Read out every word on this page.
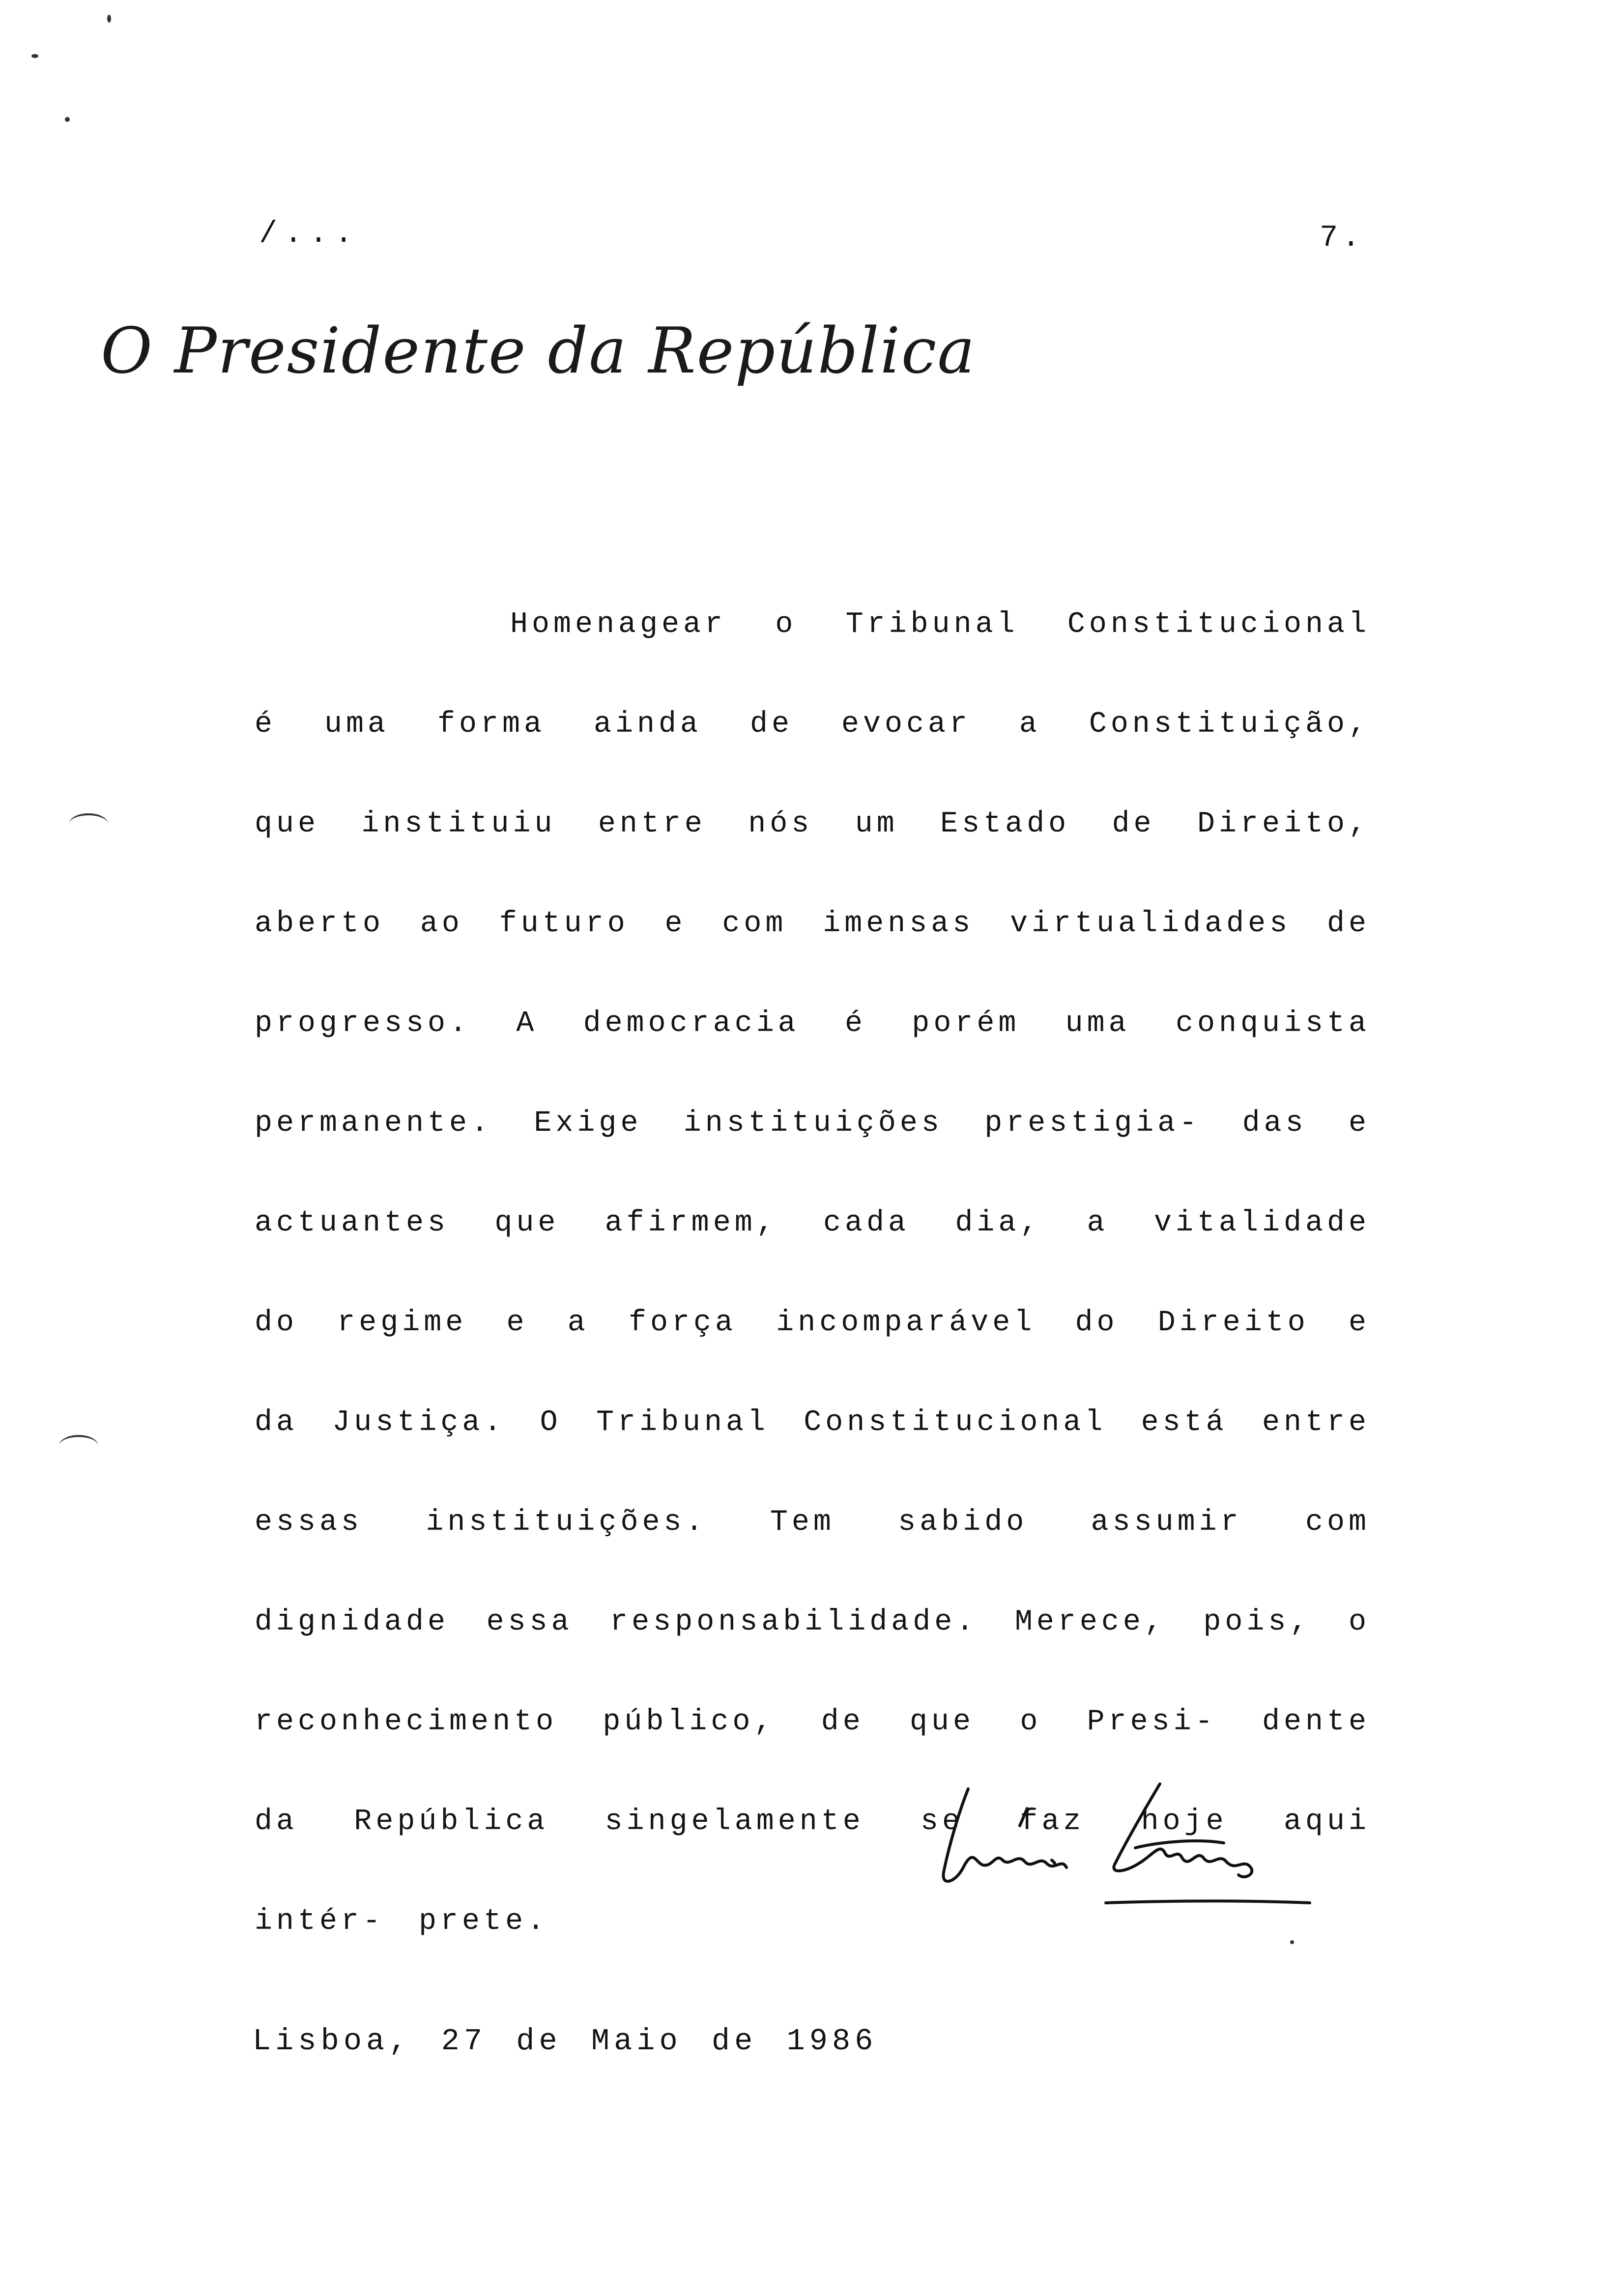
/...	7.
O Presidente da República

Homenagear o Tribunal Constitucional é uma forma ainda de evocar a Constituição, que instituiu entre nós um Estado de Direito, aberto ao futuro e com imensas virtualidades de progresso. A democracia é porém uma conquista permanente. Exige instituições prestigia- das e actuantes que afirmem, cada dia, a vitalidade do regime e a força incomparável do Direito e da Justiça. O Tribunal Constitucional está entre essas instituições. Tem sabido assumir com dignidade essa responsabilidade. Merece, pois, o reconhecimento público, de que o Presi- dente da República singelamente se faz hoje aqui intér- prete.

Lisboa, 27 de Maio de 1986
